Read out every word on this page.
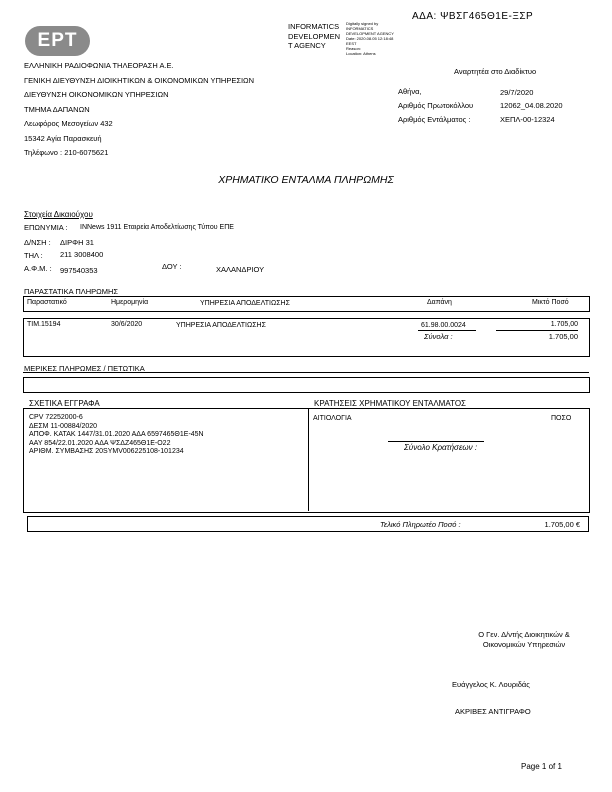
ΑΔΑ: ΨΒΣΓ465Θ1Ε-ΞΣΡ
ΕΡΤ
INFORMATICS
DEVELOPMEN
T AGENCY
Digitally signed by
INFORMATICS
DEVELOPMENT AGENCY
Date: 2020.08.05 12:18:48
EEST
Reason:
Location: Athens
ΕΛΛΗΝΙΚΗ ΡΑΔΙΟΦΩΝΙΑ ΤΗΛΕΟΡΑΣΗ Α.Ε.
ΓΕΝΙΚΗ ΔΙΕΥΘΥΝΣΗ ΔΙΟΙΚΗΤΙΚΩΝ & ΟΙΚΟΝΟΜΙΚΩΝ ΥΠΗΡΕΣΙΩΝ
ΔΙΕΥΘΥΝΣΗ ΟΙΚΟΝΟΜΙΚΩΝ ΥΠΗΡΕΣΙΩΝ
ΤΜΗΜΑ ΔΑΠΑΝΩΝ
Λεωφόρος Μεσογείων 432
15342 Αγία Παρασκευή
Τηλέφωνο : 210-6075621
Αναρτητέα στο Διαδίκτυο
Αθήνα,	29/7/2020
Αριθμός Πρωτοκόλλου	12062_04.08.2020
Αριθμός Εντάλματος :	ΧΕΠΛ-00-12324
ΧΡΗΜΑΤΙΚΟ ΕΝΤΑΛΜΑ ΠΛΗΡΩΜΗΣ
Στοιχεία Δικαιούχου
ΕΠΩΝΥΜΙΑ : INNews 1911 Εταιρεία Αποδελτίωσης Τύπου ΕΠΕ
Δ/ΝΣΗ : ΔΙΡΦΗ 31
ΤΗΛ : 211 3008400
Α.Φ.Μ. : 997540353	ΔΟΥ :	ΧΑΛΑΝΔΡΙΟΥ
ΠΑΡΑΣΤΑΤΙΚΑ ΠΛΗΡΩΜΗΣ
Παραστατικό	Ημερομηνία	ΥΠΗΡΕΣΙΑ ΑΠΟΔΕΛΤΙΩΣΗΣ	Δαπάνη	Μικτό Ποσό
ΤΙΜ.15194	30/6/2020	ΥΠΗΡΕΣΙΑ ΑΠΟΔΕΛΤΙΩΣΗΣ	61.98.00.0024	1.705,00
Σύνολα :	1.705,00
ΜΕΡΙΚΕΣ ΠΛΗΡΩΜΕΣ / ΠΕΤΩΤΙΚΑ
ΣΧΕΤΙΚΑ ΕΓΓΡΑΦΑ	ΚΡΑΤΗΣΕΙΣ ΧΡΗΜΑΤΙΚΟΥ ΕΝΤΑΛΜΑΤΟΣ
CPV 72252000-6
ΔΕΣΜ 11-00884/2020
ΑΠΟΦ. ΚΑΤΑΚ 1447/31.01.2020 ΑΔΑ 6597465Θ1Ε-45Ν
ΑΑΥ 854/22.01.2020 ΑΔΑ ΨΣΔΖ465Θ1Ε-Ο22
ΑΡΙΘΜ. ΣΥΜΒΑΣΗΣ 20SYMV006225108-101234
ΑΙΤΙΟΛΟΓΙΑ	ΠΟΣΟ
Σύνολο Κρατήσεων :
Τελικό Πληρωτέο Ποσό :	1.705,00 €
Ο Γεν. Δ/ντής Διοικητικών &
Οικονομικών Υπηρεσιών
Ευάγγελος Κ. Λουριδάς
ΑΚΡΙΒΕΣ ΑΝΤΙΓΡΑΦΟ
Page 1 of 1
